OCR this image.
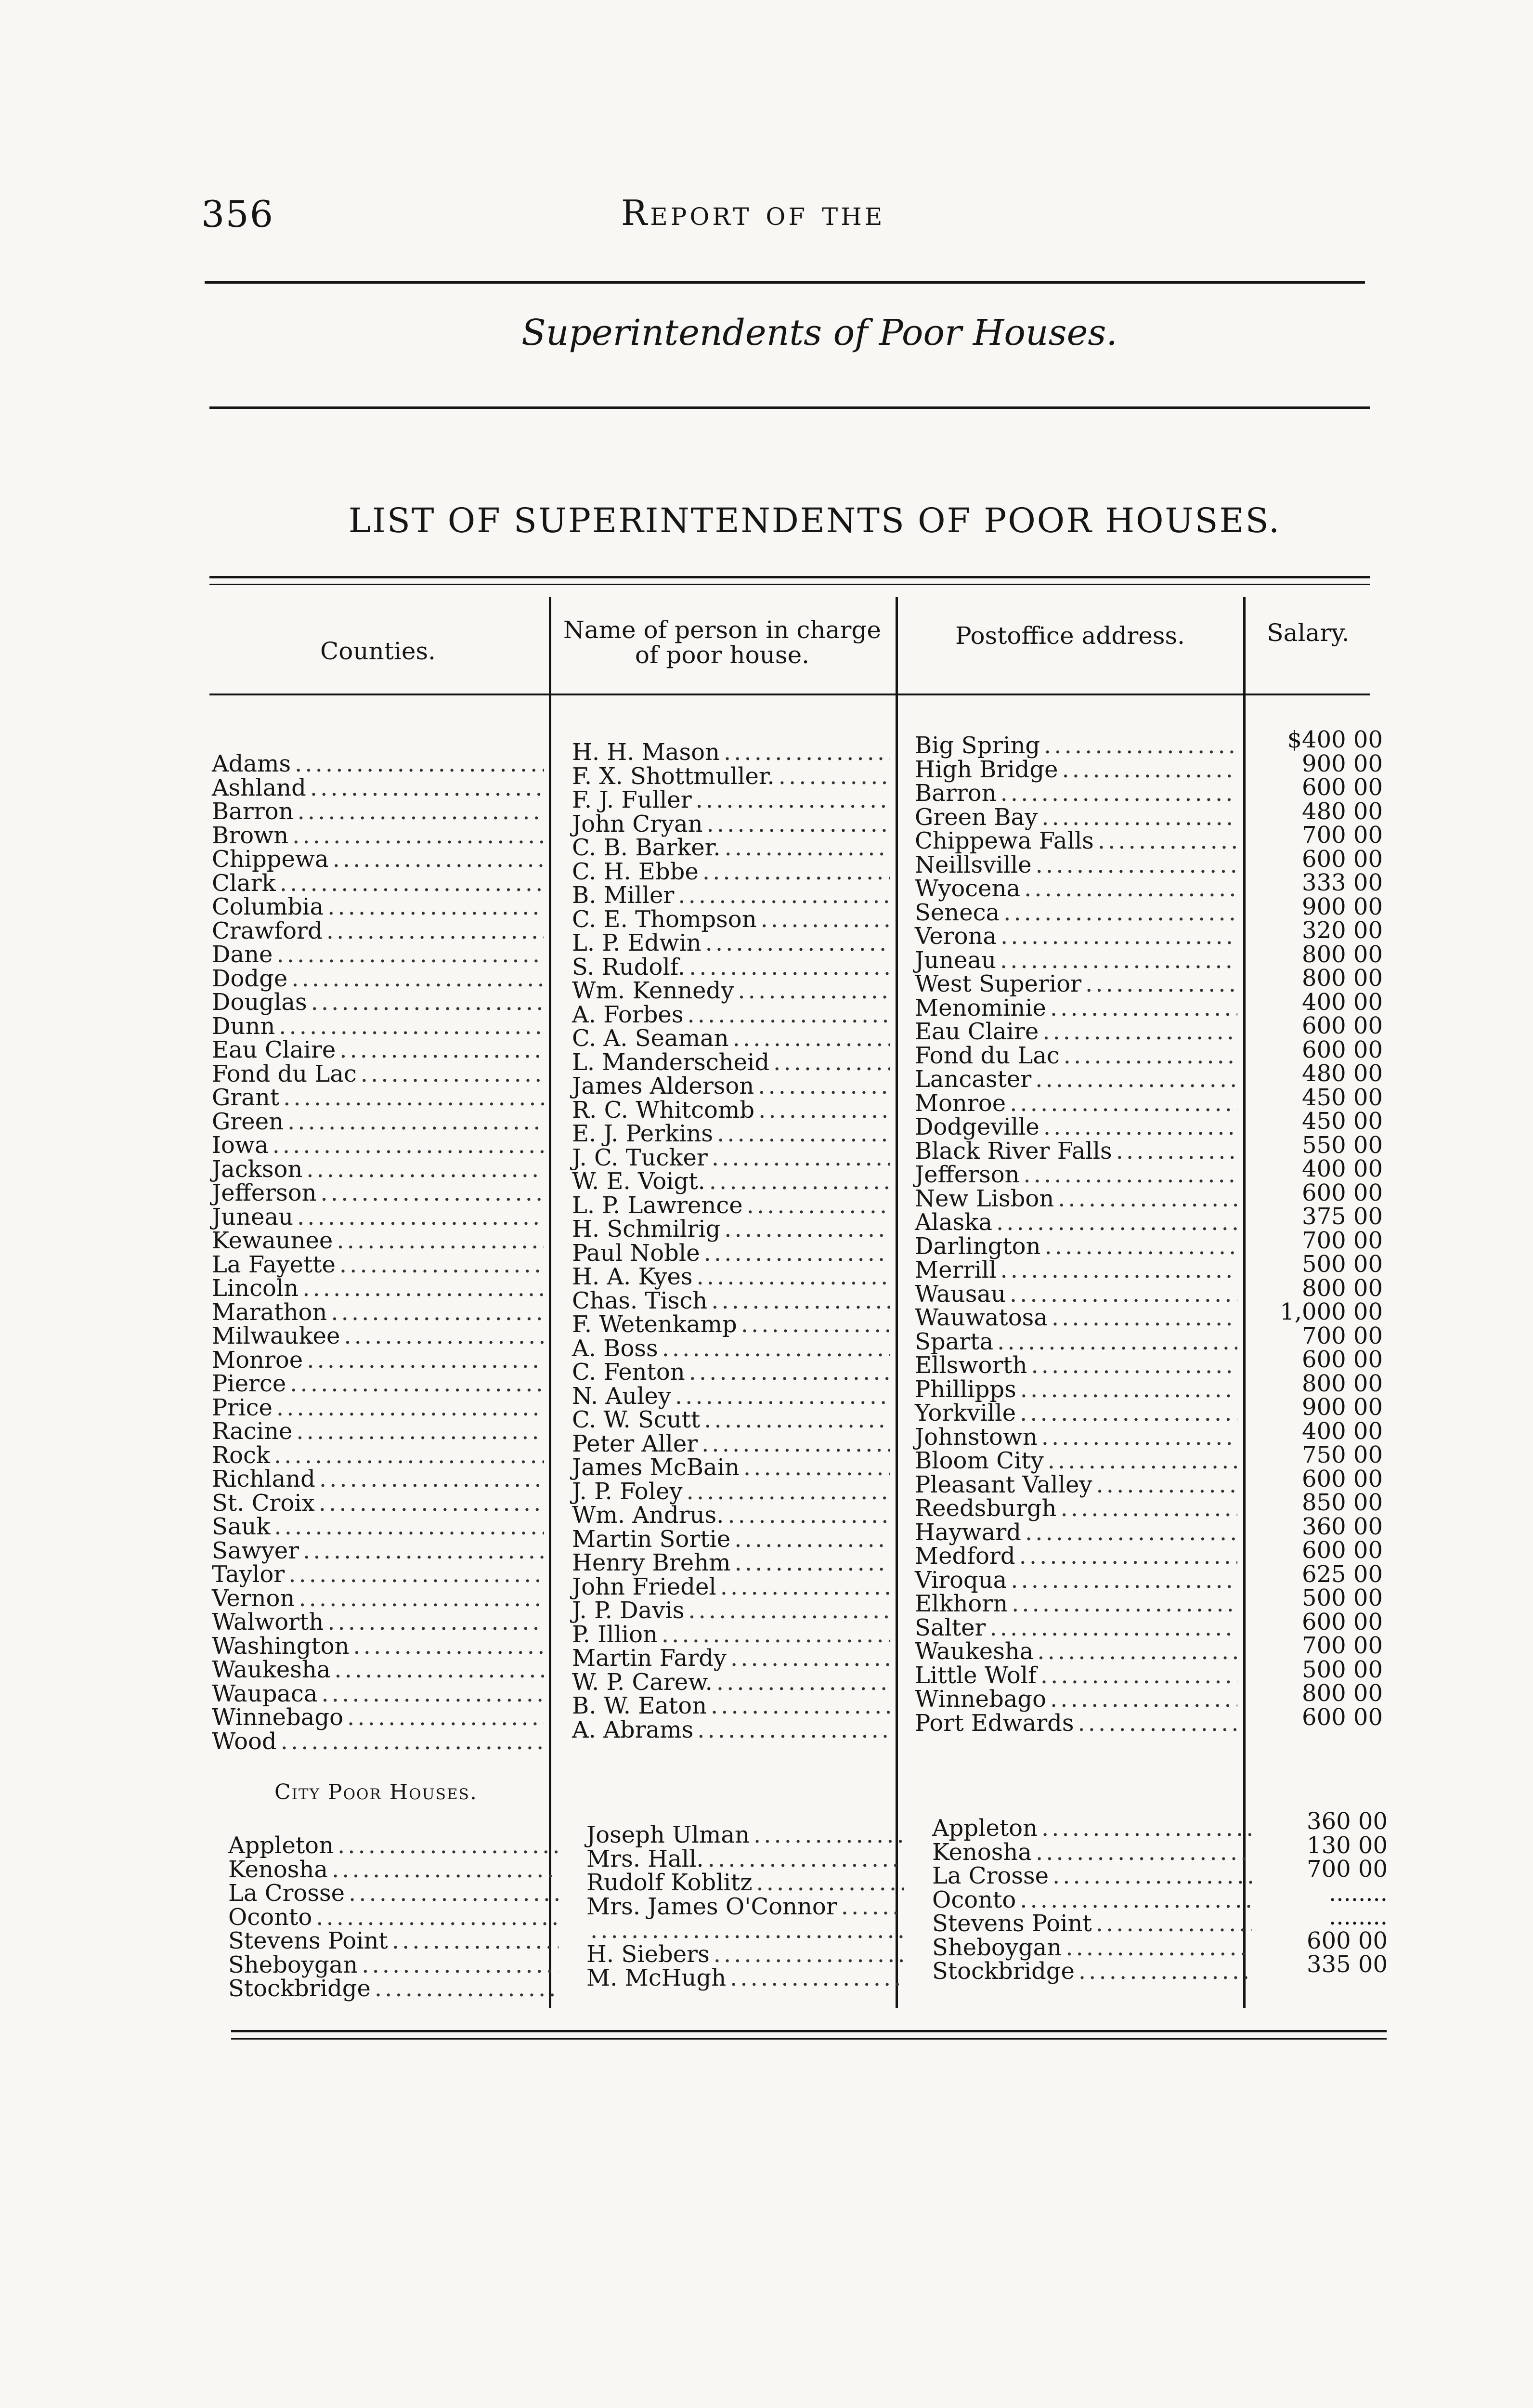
356	Report of the
Superintendents of Poor Houses.
LIST OF SUPERINTENDENTS OF POOR HOUSES.
Counties.
Name of person in charge of poor house.
Postoffice address.	Salary.
Adams
.....
Ashland
.....
Barron
.....
Brown
.....
Chippewa
.....
Clark
.....
Columbia
.....
Crawford
.....
Dane
.....
Dodge
.....
Douglas
.....
Dunn
.....
Eau Claire
.....
Fond du Lac
.....
Grant
.....
Green
.....
Iowa
.....
Jackson
.....
Jefferson
.....
Juneau
.....
Kewaunee
.....
La Fayette
.....
Lincoln
.....
Marathon
.....
Milwaukee
.....
Monroe
.....
Pierce
.....
Price
.....
Racine
.....
Rock
.....
Richland
.....
St. Croix
.....
Sauk
.....
Sawyer
.....
Taylor
.....
Vernon
.....
Walworth
.....
Washington
.....
Waukesha
.....
Waupaca
.....
Winnebago
.....
Wood
.....
H. H. Mason
.....
F. X. Shottmuller.
.....
F. J. Fuller
.....
John Cryan
.....
C. B. Barker.
.....
C. H. Ebbe
.....
B. Miller
.....
C. E. Thompson
.....
L. P. Edwin
.....
S. Rudolf.
.....
Wm. Kennedy
.....
A. Forbes
.....
C. A. Seaman
.....
L. Manderscheid
.....
James Alderson
.....
R. C. Whitcomb
.....
E. J. Perkins
.....
J. C. Tucker
.....
W. E. Voigt.
.....
L. P. Lawrence
.....
H. Schmilrig
.....
Paul Noble
.....
H. A. Kyes
.....
Chas. Tisch
.....
F. Wetenkamp
.....
A. Boss
.....
C. Fenton
.....
N. Auley
.....
C. W. Scutt
.....
Peter Aller
.....
James McBain
.....
J. P. Foley
.....
Wm. Andrus.
.....
Martin Sortie
.....
Henry Brehm
.....
John Friedel
.....
J. P. Davis
.....
P. Illion
.....
Martin Fardy
.....
W. P. Carew.
.....
B. W. Eaton
.....
A. Abrams
.....
Big Spring
.....
High Bridge
.....
Barron
.....
Green Bay
.....
Chippewa Falls
.....
Neillsville
.....
Wyocena
.....
Seneca
.....
Verona
.....
Juneau
.....
West Superior
.....
Menominie
.....
Eau Claire
.....
Fond du Lac
.....
Lancaster
.....
Monroe
.....
Dodgeville
.....
Black River Falls
.....
Jefferson
.....
New Lisbon
.....
Alaska
.....
Darlington
.....
Merrill
.....
Wausau
.....
Wauwatosa
.....
Sparta
.....
Ellsworth
.....
Phillipps
.....
Yorkville
.....
Johnstown
.....
Bloom City
.....
Pleasant Valley
.....
Reedsburgh
.....
Hayward
.....
Medford
.....
Viroqua
.....
Elkhorn
.....
Salter
.....
Waukesha
.....
Little Wolf
.....
Winnebago
.....
Port Edwards
.....
$400 00
900 00
600 00
480 00
700 00
600 00
333 00
900 00
320 00
800 00
800 00
400 00
600 00
600 00
480 00
450 00
450 00
550 00
400 00
600 00
375 00
700 00
500 00
800 00
1,000 00
700 00
600 00
800 00
900 00
400 00
750 00
600 00
850 00
360 00
600 00
625 00
500 00
600 00
700 00
500 00
800 00
600 00
City Poor Houses.
Appleton
.....
Kenosha
.....
La Crosse
.....
Oconto
.....
Stevens Point
.....
Sheboygan
.....
Stockbridge
.....
Joseph Ulman
.....
Mrs. Hall.
.....
Rudolf Koblitz
.....
Mrs. James O'Connor
.....
.....
H. Siebers
.....
M. McHugh
.....
Appleton
.....
Kenosha
.....
La Crosse
.....
Oconto
.....
Stevens Point
.....
Sheboygan
.....
Stockbridge
.....
360 00
130 00
700 00
........
........
600 00
335 00
